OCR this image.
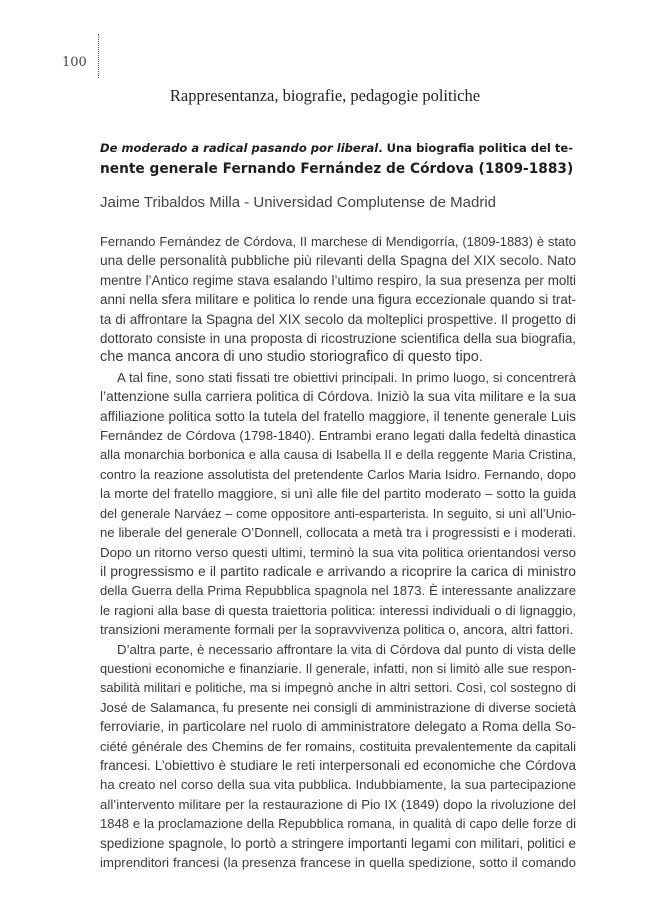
100
Rappresentanza, biografie, pedagogie politiche
De moderado a radical pasando por liberal. Una biografia politica del te-
nente generale Fernando Fernández de Córdova (1809-1883)
Jaime Tribaldos Milla - Universidad Complutense de Madrid
Fernando Fernández de Córdova, II marchese di Mendigorría, (1809-1883) è stato
una delle personalità pubbliche più rilevanti della Spagna del XIX secolo. Nato
mentre l’Antico regime stava esalando l’ultimo respiro, la sua presenza per molti
anni nella sfera militare e politica lo rende una figura eccezionale quando si trat-
ta di affrontare la Spagna del XIX secolo da molteplici prospettive. Il progetto di
dottorato consiste in una proposta di ricostruzione scientifica della sua biografia,
che manca ancora di uno studio storiografico di questo tipo.
A tal fine, sono stati fissati tre obiettivi principali. In primo luogo, si concentrerà
l’attenzione sulla carriera politica di Córdova. Iniziò la sua vita militare e la sua
affiliazione politica sotto la tutela del fratello maggiore, il tenente generale Luis
Fernández de Córdova (1798-1840). Entrambi erano legati dalla fedeltà dinastica
alla monarchia borbonica e alla causa di Isabella II e della reggente Maria Cristina,
contro la reazione assolutista del pretendente Carlos Maria Isidro. Fernando, dopo
la morte del fratello maggiore, si unì alle file del partito moderato – sotto la guida
del generale Narváez – come oppositore anti-esparterista. In seguito, si unì all’Unio-
ne liberale del generale O’Donnell, collocata a metà tra i progressisti e i moderati.
Dopo un ritorno verso questi ultimi, terminò la sua vita politica orientandosi verso
il progressismo e il partito radicale e arrivando a ricoprire la carica di ministro
della Guerra della Prima Repubblica spagnola nel 1873. È interessante analizzare
le ragioni alla base di questa traiettoria politica: interessi individuali o di lignaggio,
transizioni meramente formali per la sopravvivenza politica o, ancora, altri fattori.
D’altra parte, è necessario affrontare la vita di Córdova dal punto di vista delle
questioni economiche e finanziarie. Il generale, infatti, non si limitò alle sue respon-
sabilità militari e politiche, ma si impegnò anche in altri settori. Così, col sostegno di
José de Salamanca, fu presente nei consigli di amministrazione di diverse società
ferroviarie, in particolare nel ruolo di amministratore delegato a Roma della So-
ciété générale des Chemins de fer romains, costituita prevalentemente da capitali
francesi. L’obiettivo è studiare le reti interpersonali ed economiche che Córdova
ha creato nel corso della sua vita pubblica. Indubbiamente, la sua partecipazione
all’intervento militare per la restaurazione di Pio IX (1849) dopo la rivoluzione del
1848 e la proclamazione della Repubblica romana, in qualità di capo delle forze di
spedizione spagnole, lo portò a stringere importanti legami con militari, politici e
imprenditori francesi (la presenza francese in quella spedizione, sotto il comando
